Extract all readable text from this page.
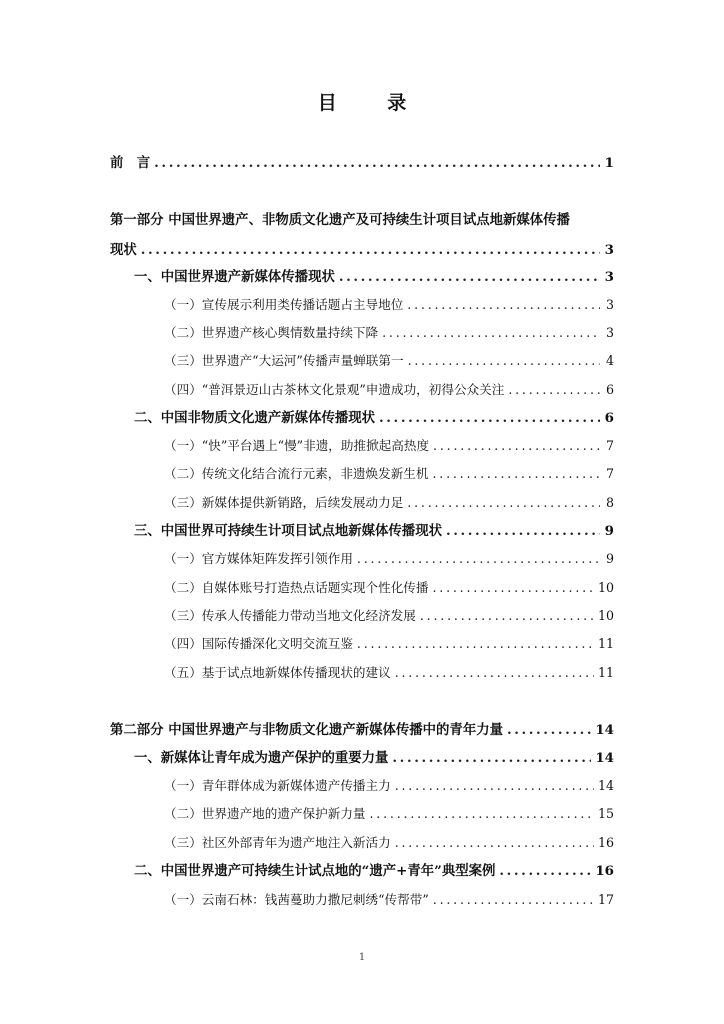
目 录
前　言 .....	1
第一部分 中国世界遗产、非物质文化遗产及可持续生计项目试点地新媒体传播
现状 .....	3
一、中国世界遗产新媒体传播现状 .....	3
（一）宣传展示利用类传播话题占主导地位 .....	3
（二）世界遗产核心舆情数量持续下降 .....	3
（三）世界遗产“大运河”传播声量蝉联第一 .....	4
（四）“普洱景迈山古茶林文化景观”申遗成功，初得公众关注 .....	6
二、中国非物质文化遗产新媒体传播现状 .....	6
（一）“快”平台遇上“慢”非遗，助推掀起高热度 .....	7
（二）传统文化结合流行元素，非遗焕发新生机 .....	7
（三）新媒体提供新销路，后续发展动力足 .....	8
三、中国世界可持续生计项目试点地新媒体传播现状 .....	9
（一）官方媒体矩阵发挥引领作用 .....	9
（二）自媒体账号打造热点话题实现个性化传播 .....	10
（三）传承人传播能力带动当地文化经济发展 .....	10
（四）国际传播深化文明交流互鉴 .....	11
（五）基于试点地新媒体传播现状的建议 .....	11
第二部分 中国世界遗产与非物质文化遗产新媒体传播中的青年力量 .....	14
一、新媒体让青年成为遗产保护的重要力量 .....	14
（一）青年群体成为新媒体遗产传播主力 .....	14
（二）世界遗产地的遗产保护新力量 .....	15
（三）社区外部青年为遗产地注入新活力 .....	16
二、中国世界遗产可持续生计试点地的“遗产+青年”典型案例 .....	16
（一）云南石林：钱茜蔓助力撒尼刺绣“传帮带” .....	17
1
